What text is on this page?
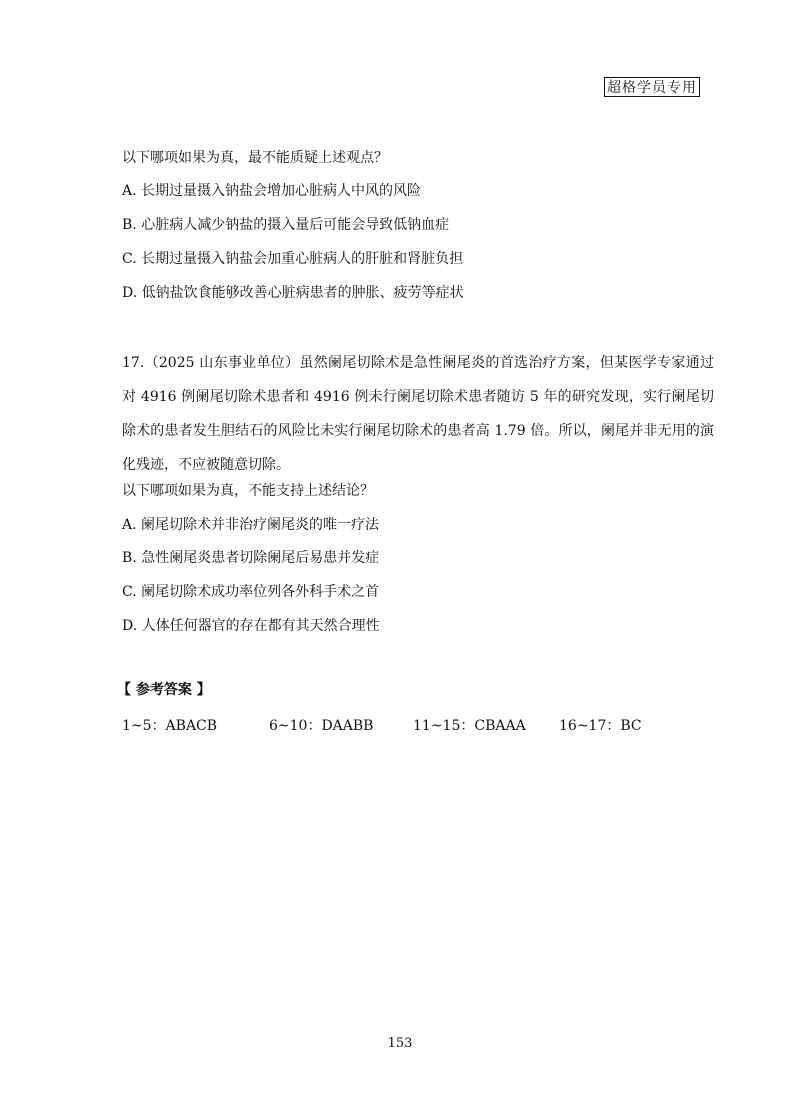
超格学员专用
以下哪项如果为真，最不能质疑上述观点？
A. 长期过量摄入钠盐会增加心脏病人中风的风险
B. 心脏病人减少钠盐的摄入量后可能会导致低钠血症
C. 长期过量摄入钠盐会加重心脏病人的肝脏和肾脏负担
D. 低钠盐饮食能够改善心脏病患者的肿胀、疲劳等症状
17.（2025 山东事业单位）虽然阑尾切除术是急性阑尾炎的首选治疗方案，但某医学专家通过对 4916 例阑尾切除术患者和 4916 例未行阑尾切除术患者随访 5 年的研究发现，实行阑尾切除术的患者发生胆结石的风险比未实行阑尾切除术的患者高 1.79 倍。所以，阑尾并非无用的演化残迹，不应被随意切除。
以下哪项如果为真，不能支持上述结论？
A. 阑尾切除术并非治疗阑尾炎的唯一疗法
B. 急性阑尾炎患者切除阑尾后易患并发症
C. 阑尾切除术成功率位列各外科手术之首
D. 人体任何器官的存在都有其天然合理性
【 参考答案 】
1~5：ABACB	6~10：DAABB	11~15：CBAAA 16~17：BC
153
